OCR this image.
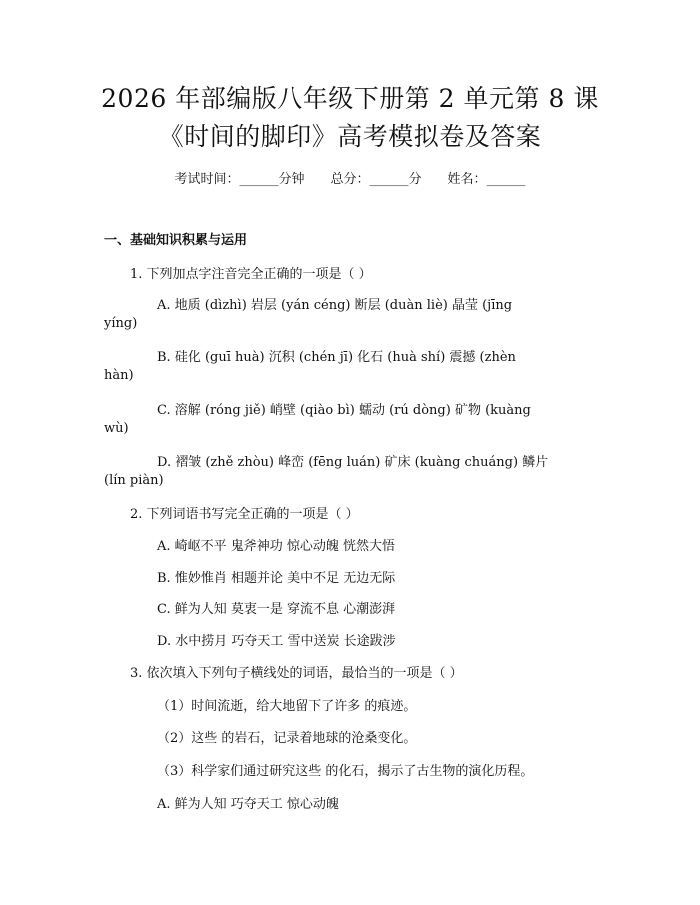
2026 年部编版八年级下册第 2 单元第 8 课
《时间的脚印》高考模拟卷及答案
考试时间：______分钟 总分：______分 姓名：______
一、基础知识积累与运用
1. 下列加点字注音完全正确的一项是（ ）
A. 地质 (dìzhì) 岩层 (yán céng) 断层 (duàn liè) 晶莹 (jīng
yíng)
B. 硅化 (guī huà) 沉积 (chén jī) 化石 (huà shí) 震撼 (zhèn
hàn)
C. 溶解 (róng jiě) 峭壁 (qiào bì) 蠕动 (rú dòng) 矿物 (kuàng
wù)
D. 褶皱 (zhě zhòu) 峰峦 (fēng luán) 矿床 (kuàng chuáng) 鳞片
(lín piàn)
2. 下列词语书写完全正确的一项是（ ）
A. 崎岖不平 鬼斧神功 惊心动魄 恍然大悟
B. 惟妙惟肖 相题并论 美中不足 无边无际
C. 鲜为人知 莫衷一是 穿流不息 心潮澎湃
D. 水中捞月 巧夺天工 雪中送炭 长途跋涉
3. 依次填入下列句子横线处的词语，最恰当的一项是（ ）
（1）时间流逝，给大地留下了许多 的痕迹。
（2）这些 的岩石，记录着地球的沧桑变化。
（3）科学家们通过研究这些 的化石，揭示了古生物的演化历程。
A. 鲜为人知 巧夺天工 惊心动魄
